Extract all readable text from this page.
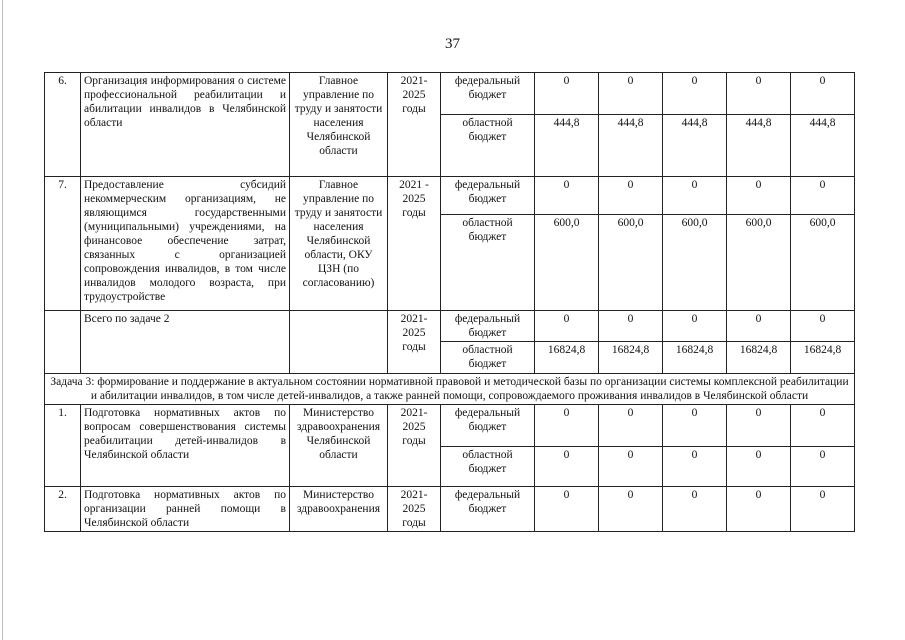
37
6.	Организация информирования о системе профессиональной реабилитации и абилитации инвалидов в Челябинской области	Главное управление по труду и занятости населения Челябинской области	2021-2025 годы	федеральный бюджет	0	0	0	0	0
				областной бюджет	444,8	444,8	444,8	444,8	444,8
7.	Предоставление субсидий некоммерческим организациям, не являющимся государственными (муниципальными) учреждениями, на финансовое обеспечение затрат, связанных с организацией сопровождения инвалидов, в том числе инвалидов молодого возраста, при трудоустройстве	Главное управление по труду и занятости населения Челябинской области, ОКУ ЦЗН (по согласованию)	2021 - 2025 годы	федеральный бюджет	0	0	0	0	0
				областной бюджет	600,0	600,0	600,0	600,0	600,0
	Всего по задаче 2		2021-2025 годы	федеральный бюджет	0	0	0	0	0
				областной бюджет	16824,8	16824,8	16824,8	16824,8	16824,8
Задача 3: формирование и поддержание в актуальном состоянии нормативной правовой и методической базы по организации системы комплексной реабилитации и абилитации инвалидов, в том числе детей-инвалидов, а также ранней помощи, сопровождаемого проживания инвалидов в Челябинской области									
1.	Подготовка нормативных актов по вопросам совершенствования системы реабилитации детей-инвалидов в Челябинской области	Министерство здравоохранения Челябинской области	2021-2025 годы	федеральный бюджет	0	0	0	0	0
				областной бюджет	0	0	0	0	0
2.	Подготовка нормативных актов по организации ранней помощи в Челябинской области	Министерство здравоохранения	2021-2025 годы	федеральный бюджет	0	0	0	0	0
